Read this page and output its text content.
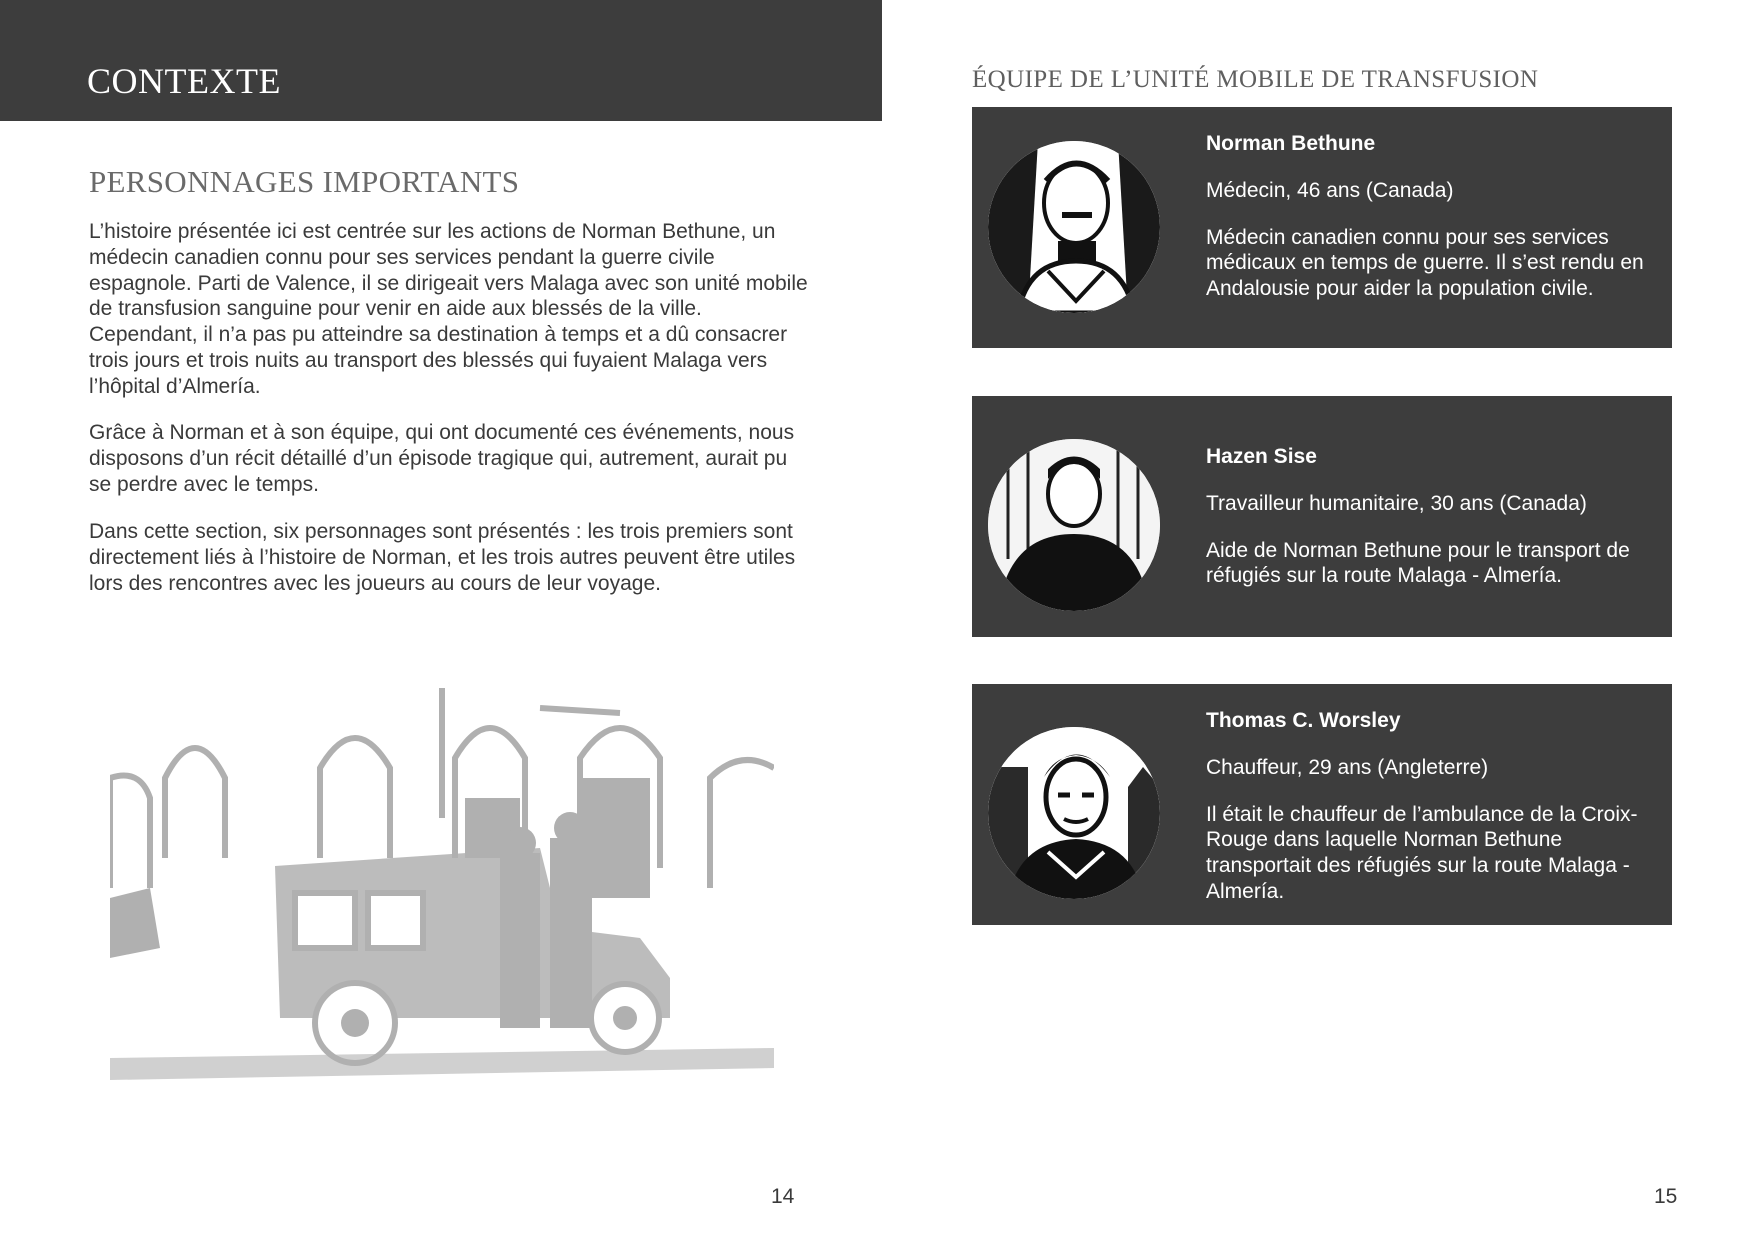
CONTEXTE
PERSONNAGES IMPORTANTS

L’histoire présentée ici est centrée sur les actions de Norman Bethune, un médecin canadien connu pour ses services pendant la guerre civile espagnole. Parti de Valence, il se dirigeait vers Malaga avec son unité mobile de transfusion sanguine pour venir en aide aux blessés de la ville. Cependant, il n’a pas pu atteindre sa destination à temps et a dû consacrer trois jours et trois nuits au transport des blessés qui fuyaient Malaga vers l’hôpital d’Almería.

Grâce à Norman et à son équipe, qui ont documenté ces événements, nous disposons d’un récit détaillé d’un épisode tragique qui, autrement, aurait pu se perdre avec le temps.

Dans cette section, six personnages sont présentés : les trois premiers sont directement liés à l’histoire de Norman, et les trois autres peuvent être utiles lors des rencontres avec les joueurs au cours de leur voyage.

14

ÉQUIPE DE L’UNITÉ MOBILE DE TRANSFUSION

Norman Bethune

Médecin, 46 ans (Canada)

Médecin canadien connu pour ses services médicaux en temps de guerre. Il s’est rendu en Andalousie pour aider la population civile.

Hazen Sise

Travailleur humanitaire, 30 ans (Canada)

Aide de Norman Bethune pour le transport de réfugiés sur la route Malaga - Almería.

Thomas C. Worsley

Chauffeur, 29 ans (Angleterre)

Il était le chauffeur de l’ambulance de la Croix-Rouge dans laquelle Norman Bethune transportait des réfugiés sur la route Malaga - Almería.

15
